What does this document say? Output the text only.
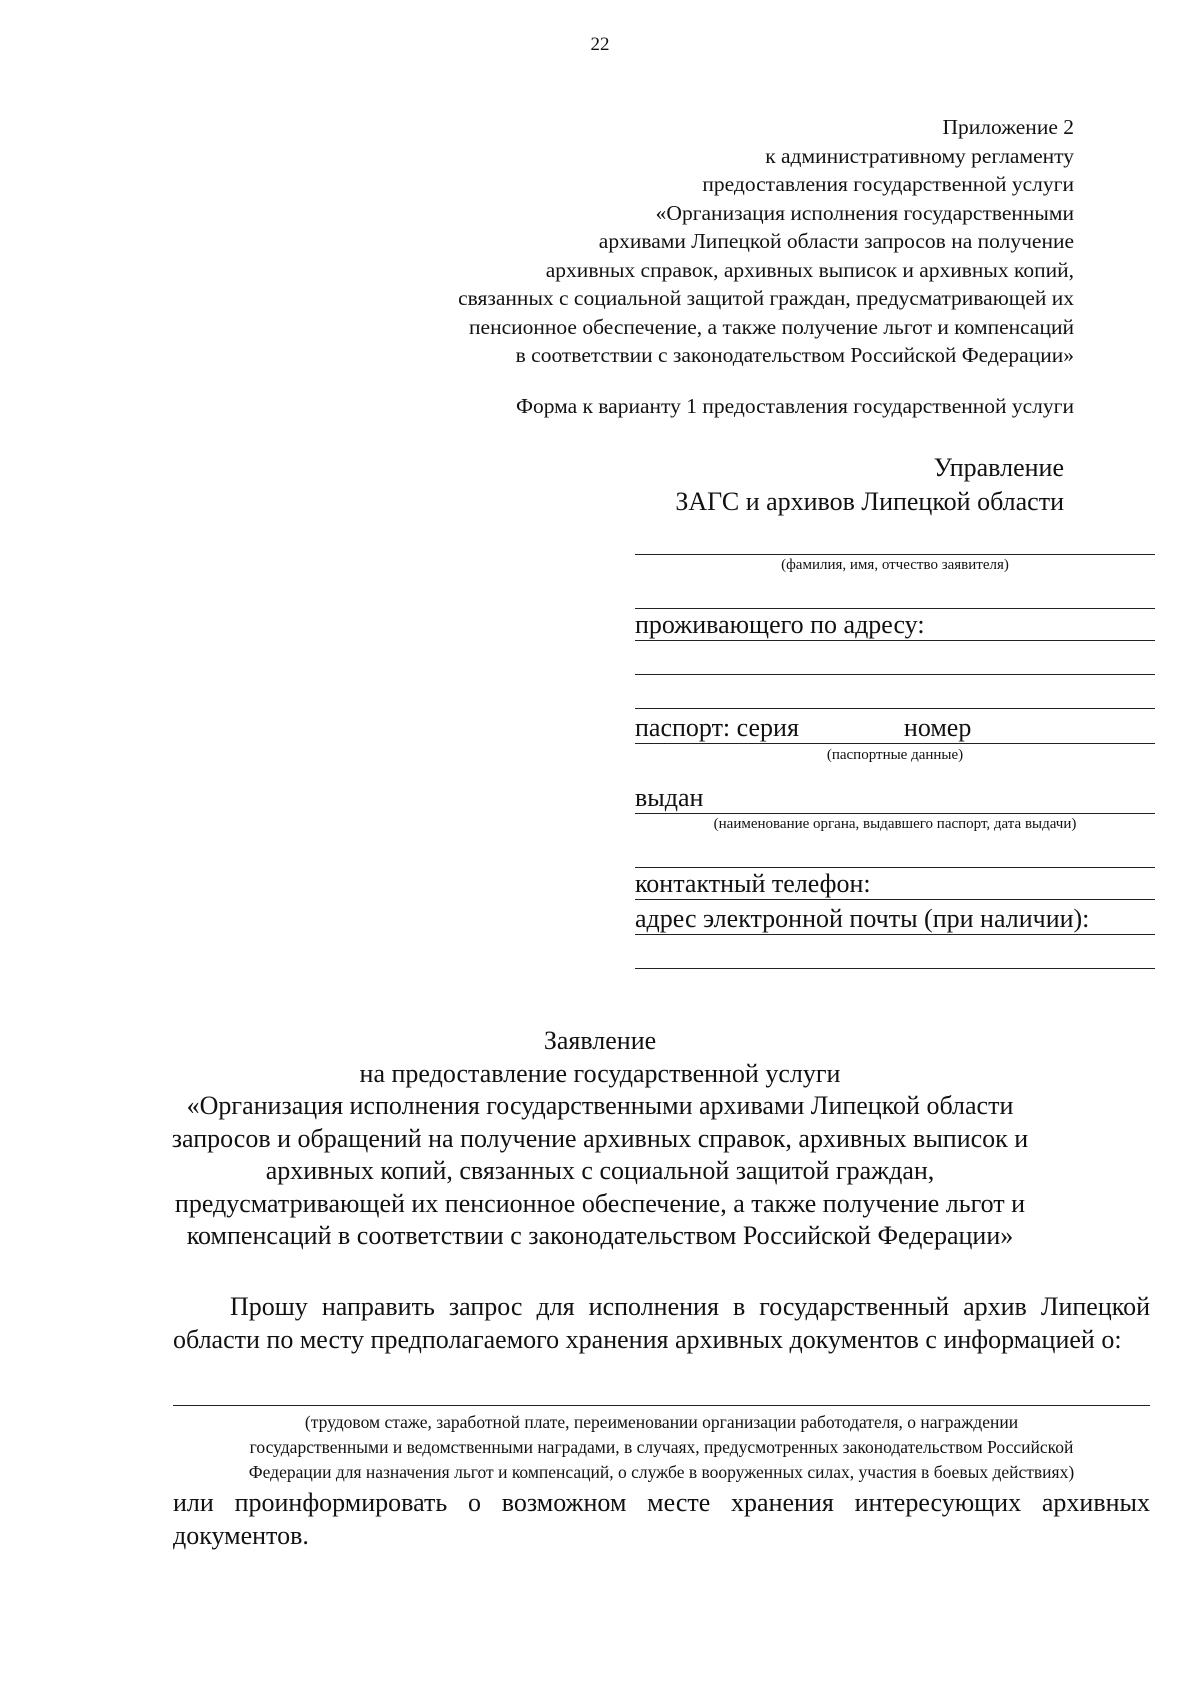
22
Приложение 2
к административному регламенту
предоставления государственной услуги
«Организация исполнения государственными
архивами Липецкой области запросов на получение
архивных справок, архивных выписок и архивных копий,
связанных с социальной защитой граждан, предусматривающей их
пенсионное обеспечение, а также получение льгот и компенсаций
в соответствии с законодательством Российской Федерации»
Форма к варианту 1 предоставления государственной услуги
Управление
ЗАГС и архивов Липецкой области
(фамилия, имя, отчество заявителя)
проживающего по адресу:
паспорт: серия	номер
(паспортные данные)
выдан
(наименование органа, выдавшего паспорт, дата выдачи)
контактный телефон:
адрес электронной почты (при наличии):
Заявление
на предоставление государственной услуги
«Организация исполнения государственными архивами Липецкой области
запросов и обращений на получение архивных справок, архивных выписок и
архивных копий, связанных с социальной защитой граждан,
предусматривающей их пенсионное обеспечение, а также получение льгот и
компенсаций в соответствии с законодательством Российской Федерации»
Прошу направить запрос для исполнения в государственный архив Липецкой области по месту предполагаемого хранения архивных документов с информацией о:
(трудовом стаже, заработной плате, переименовании организации работодателя, о награждении
государственными и ведомственными наградами, в случаях, предусмотренных законодательством Российской
Федерации для назначения льгот и компенсаций, о службе в вооруженных силах, участия в боевых действиях)
или проинформировать о возможном месте хранения интересующих архивных документов.
